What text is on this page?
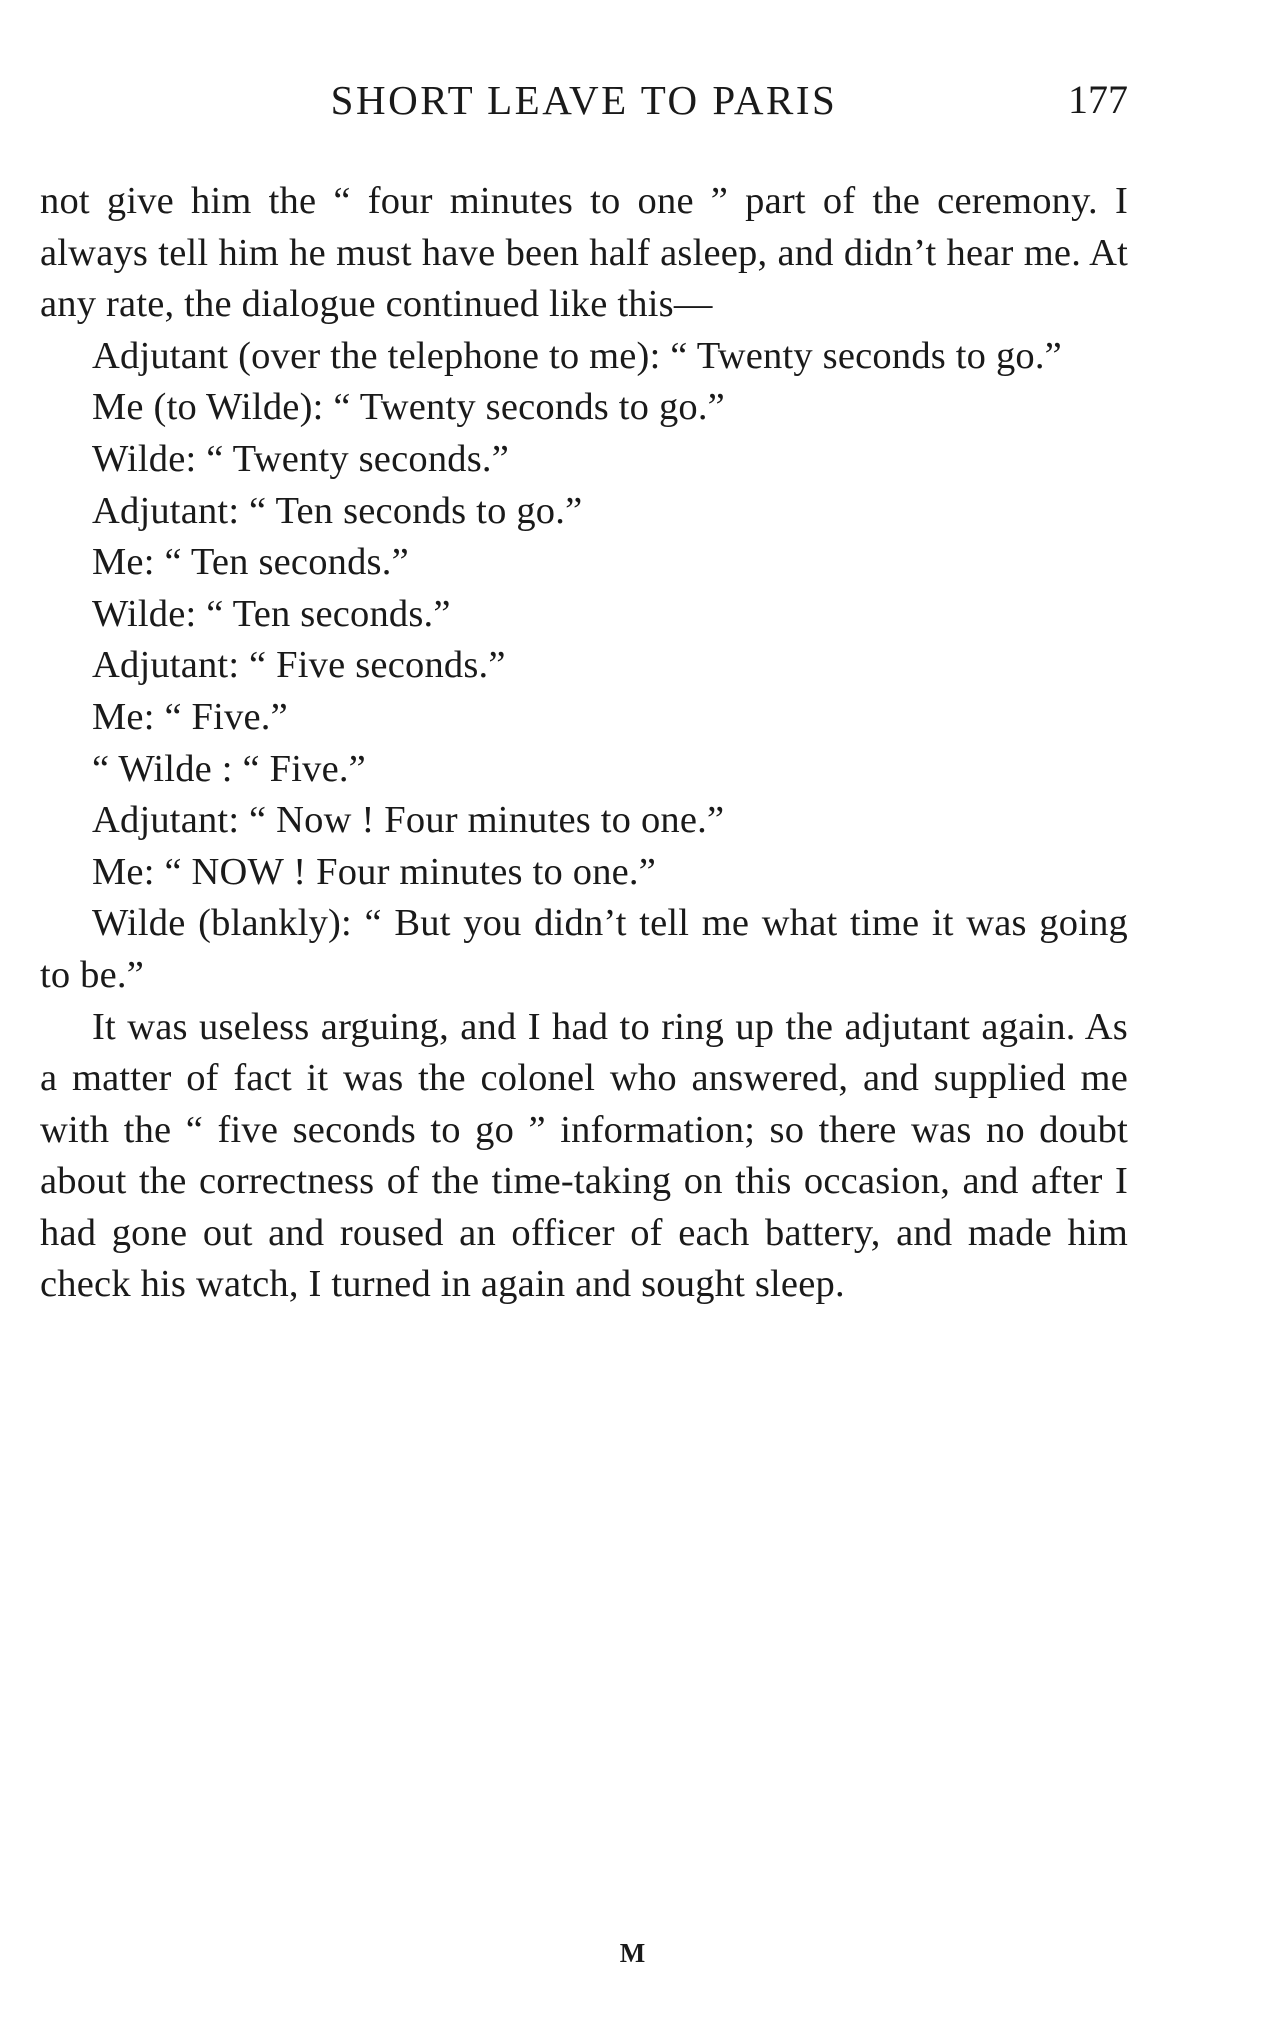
SHORT LEAVE TO PARIS	177

not give him the “ four minutes to one ” part of the ceremony. I always tell him he must have been half asleep, and didn’t hear me. At any rate, the dialogue continued like this—

Adjutant (over the telephone to me): “ Twenty seconds to go.”

Me (to Wilde): “ Twenty seconds to go.”

Wilde: “ Twenty seconds.”

Adjutant: “ Ten seconds to go.”

Me: “ Ten seconds.”

Wilde: “ Ten seconds.”

Adjutant: “ Five seconds.”

Me: “ Five.”

“ Wilde : “ Five.”

Adjutant: “ Now ! Four minutes to one.”

Me: “ NOW ! Four minutes to one.”

Wilde (blankly): “ But you didn’t tell me what time it was going to be.”

It was useless arguing, and I had to ring up the adjutant again. As a matter of fact it was the colonel who answered, and supplied me with the “ five seconds to go ” information; so there was no doubt about the correctness of the time-taking on this occasion, and after I had gone out and roused an officer of each battery, and made him check his watch, I turned in again and sought sleep.

M
